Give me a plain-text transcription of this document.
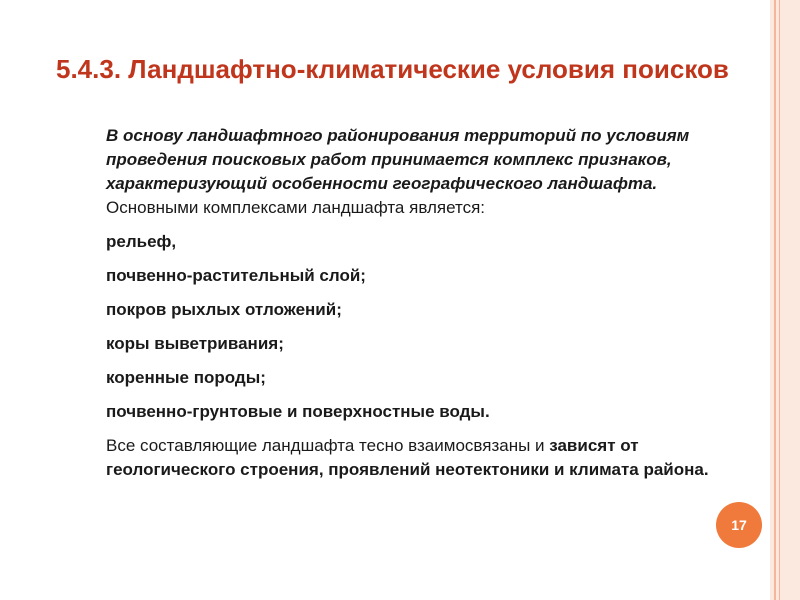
5.4.3. Ландшафтно-климатические условия поисков
В основу ландшафтного районирования территорий по условиям проведения поисковых работ принимается комплекс признаков, характеризующий особенности географического ландшафта. Основными комплексами ландшафта является:
рельеф,
почвенно-растительный слой;
покров рыхлых отложений;
коры выветривания;
коренные породы;
почвенно-грунтовые и поверхностные воды.
Все составляющие ландшафта тесно взаимосвязаны и зависят от геологического строения, проявлений неотектоники и климата района.
17
